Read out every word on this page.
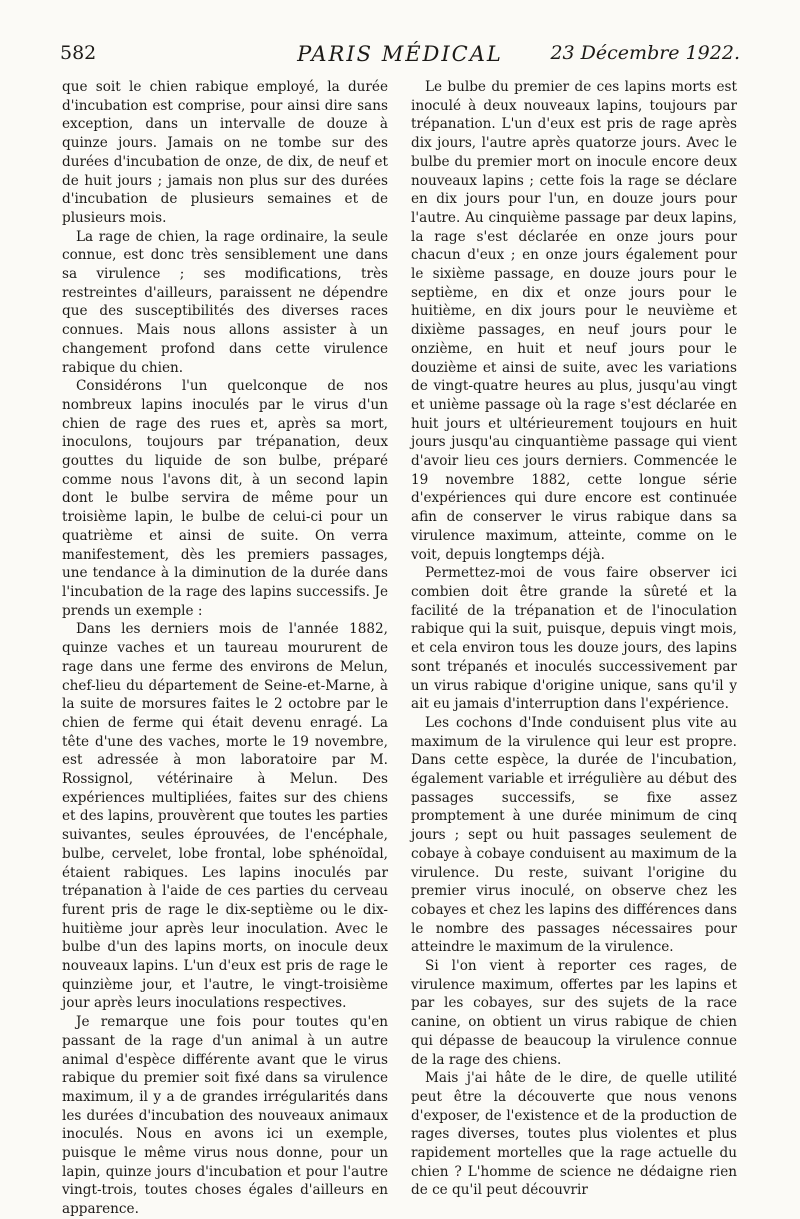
582	PARIS MÉDICAL	23 Décembre 1922.

que soit le chien rabique employé, la durée d'incubation est comprise, pour ainsi dire sans exception, dans un intervalle de douze à quinze jours. Jamais on ne tombe sur des durées d'incubation de onze, de dix, de neuf et de huit jours ; jamais non plus sur des durées d'incubation de plusieurs semaines et de plusieurs mois.

La rage de chien, la rage ordinaire, la seule connue, est donc très sensiblement une dans sa virulence ; ses modifications, très restreintes d'ailleurs, paraissent ne dépendre que des susceptibilités des diverses races connues. Mais nous allons assister à un changement profond dans cette virulence rabique du chien.

Considérons l'un quelconque de nos nombreux lapins inoculés par le virus d'un chien de rage des rues et, après sa mort, inoculons, toujours par trépanation, deux gouttes du liquide de son bulbe, préparé comme nous l'avons dit, à un second lapin dont le bulbe servira de même pour un troisième lapin, le bulbe de celui-ci pour un quatrième et ainsi de suite. On verra manifestement, dès les premiers passages, une tendance à la diminution de la durée dans l'incubation de la rage des lapins successifs. Je prends un exemple :

Dans les derniers mois de l'année 1882, quinze vaches et un taureau moururent de rage dans une ferme des environs de Melun, chef-lieu du département de Seine-et-Marne, à la suite de morsures faites le 2 octobre par le chien de ferme qui était devenu enragé. La tête d'une des vaches, morte le 19 novembre, est adressée à mon laboratoire par M. Rossignol, vétérinaire à Melun. Des expériences multipliées, faites sur des chiens et des lapins, prouvèrent que toutes les parties suivantes, seules éprouvées, de l'encéphale, bulbe, cervelet, lobe frontal, lobe sphénoïdal, étaient rabiques. Les lapins inoculés par trépanation à l'aide de ces parties du cerveau furent pris de rage le dix-septième ou le dix-huitième jour après leur inoculation. Avec le bulbe d'un des lapins morts, on inocule deux nouveaux lapins. L'un d'eux est pris de rage le quinzième jour, et l'autre, le vingt-troisième jour après leurs inoculations respectives.

Je remarque une fois pour toutes qu'en passant de la rage d'un animal à un autre animal d'espèce différente avant que le virus rabique du premier soit fixé dans sa virulence maximum, il y a de grandes irrégularités dans les durées d'incubation des nouveaux animaux inoculés. Nous en avons ici un exemple, puisque le même virus nous donne, pour un lapin, quinze jours d'incubation et pour l'autre vingt-trois, toutes choses égales d'ailleurs en apparence.

Le bulbe du premier de ces lapins morts est inoculé à deux nouveaux lapins, toujours par trépanation. L'un d'eux est pris de rage après dix jours, l'autre après quatorze jours. Avec le bulbe du premier mort on inocule encore deux nouveaux lapins ; cette fois la rage se déclare en dix jours pour l'un, en douze jours pour l'autre. Au cinquième passage par deux lapins, la rage s'est déclarée en onze jours pour chacun d'eux ; en onze jours également pour le sixième passage, en douze jours pour le septième, en dix et onze jours pour le huitième, en dix jours pour le neuvième et dixième passages, en neuf jours pour le onzième, en huit et neuf jours pour le douzième et ainsi de suite, avec les variations de vingt-quatre heures au plus, jusqu'au vingt et unième passage où la rage s'est déclarée en huit jours et ultérieurement toujours en huit jours jusqu'au cinquantième passage qui vient d'avoir lieu ces jours derniers. Commencée le 19 novembre 1882, cette longue série d'expériences qui dure encore est continuée afin de conserver le virus rabique dans sa virulence maximum, atteinte, comme on le voit, depuis longtemps déjà.

Permettez-moi de vous faire observer ici combien doit être grande la sûreté et la facilité de la trépanation et de l'inoculation rabique qui la suit, puisque, depuis vingt mois, et cela environ tous les douze jours, des lapins sont trépanés et inoculés successivement par un virus rabique d'origine unique, sans qu'il y ait eu jamais d'interruption dans l'expérience.

Les cochons d'Inde conduisent plus vite au maximum de la virulence qui leur est propre. Dans cette espèce, la durée de l'incubation, également variable et irrégulière au début des passages successifs, se fixe assez promptement à une durée minimum de cinq jours ; sept ou huit passages seulement de cobaye à cobaye conduisent au maximum de la virulence. Du reste, suivant l'origine du premier virus inoculé, on observe chez les cobayes et chez les lapins des différences dans le nombre des passages nécessaires pour atteindre le maximum de la virulence.

Si l'on vient à reporter ces rages, de virulence maximum, offertes par les lapins et par les cobayes, sur des sujets de la race canine, on obtient un virus rabique de chien qui dépasse de beaucoup la virulence connue de la rage des chiens.

Mais j'ai hâte de le dire, de quelle utilité peut être la découverte que nous venons d'exposer, de l'existence et de la production de rages diverses, toutes plus violentes et plus rapidement mortelles que la rage actuelle du chien ? L'homme de science ne dédaigne rien de ce qu'il peut découvrir
